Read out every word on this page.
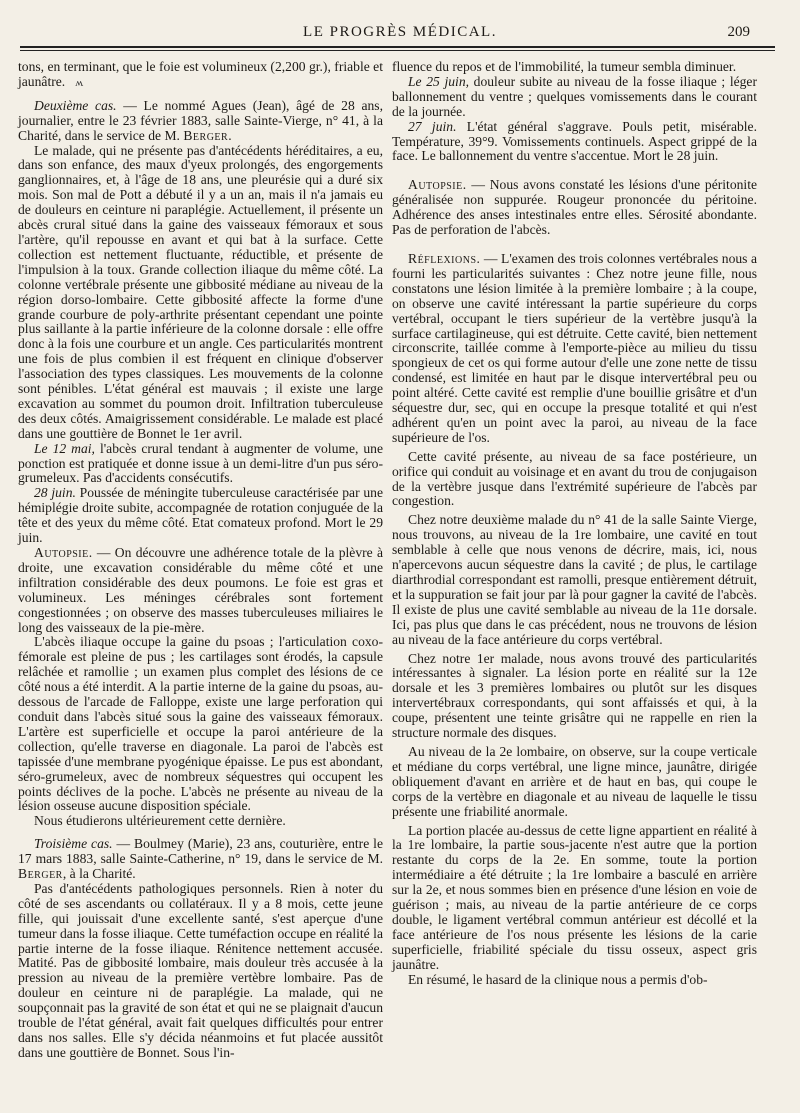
LE PROGRÈS MÉDICAL.	209

tons, en terminant, que le foie est volumineux (2,200 gr.), friable et jaunâtre. ʍ

Deuxième cas. — Le nommé Agues (Jean), âgé de 28 ans, journalier, entre le 23 février 1883, salle Sainte-Vierge, n° 41, à la Charité, dans le service de M. Berger.

Le malade, qui ne présente pas d'antécédents héréditaires, a eu, dans son enfance, des maux d'yeux prolongés, des engorgements ganglionnaires, et, à l'âge de 18 ans, une pleurésie qui a duré six mois. Son mal de Pott a débuté il y a un an, mais il n'a jamais eu de douleurs en ceinture ni paraplégie. Actuellement, il présente un abcès crural situé dans la gaine des vaisseaux fémoraux et sous l'artère, qu'il repousse en avant et qui bat à la surface. Cette collection est nettement fluctuante, réductible, et présente de l'impulsion à la toux. Grande collection iliaque du même côté. La colonne vertébrale présente une gibbosité médiane au niveau de la région dorso-lombaire. Cette gibbosité affecte la forme d'une grande courbure de poly-arthrite présentant cependant une pointe plus saillante à la partie inférieure de la colonne dorsale : elle offre donc à la fois une courbure et un angle. Ces particularités montrent une fois de plus combien il est fréquent en clinique d'observer l'association des types classiques. Les mouvements de la colonne sont pénibles. L'état général est mauvais ; il existe une large excavation au sommet du poumon droit. Infiltration tuberculeuse des deux côtés. Amaigrissement considérable. Le malade est placé dans une gouttière de Bonnet le 1er avril.

Le 12 mai, l'abcès crural tendant à augmenter de volume, une ponction est pratiquée et donne issue à un demi-litre d'un pus séro-grumeleux. Pas d'accidents consécutifs.

28 juin. Poussée de méningite tuberculeuse caractérisée par une hémiplégie droite subite, accompagnée de rotation conjuguée de la tête et des yeux du même côté. Etat comateux profond. Mort le 29 juin.

Autopsie. — On découvre une adhérence totale de la plèvre à droite, une excavation considérable du même côté et une infiltration considérable des deux poumons. Le foie est gras et volumineux. Les méninges cérébrales sont fortement congestionnées ; on observe des masses tuberculeuses miliaires le long des vaisseaux de la pie-mère.

L'abcès iliaque occupe la gaine du psoas ; l'articulation coxo-fémorale est pleine de pus ; les cartilages sont érodés, la capsule relâchée et ramollie ; un examen plus complet des lésions de ce côté nous a été interdit. A la partie interne de la gaine du psoas, au-dessous de l'arcade de Falloppe, existe une large perforation qui conduit dans l'abcès situé sous la gaine des vaisseaux fémoraux. L'artère est superficielle et occupe la paroi antérieure de la collection, qu'elle traverse en diagonale. La paroi de l'abcès est tapissée d'une membrane pyogénique épaisse. Le pus est abondant, séro-grumeleux, avec de nombreux séquestres qui occupent les points déclives de la poche. L'abcès ne présente au niveau de la lésion osseuse aucune disposition spéciale.

Nous étudierons ultérieurement cette dernière.

Troisième cas. — Boulmey (Marie), 23 ans, couturière, entre le 17 mars 1883, salle Sainte-Catherine, n° 19, dans le service de M. Berger, à la Charité.

Pas d'antécédents pathologiques personnels. Rien à noter du côté de ses ascendants ou collatéraux. Il y a 8 mois, cette jeune fille, qui jouissait d'une excellente santé, s'est aperçue d'une tumeur dans la fosse iliaque. Cette tuméfaction occupe en réalité la partie interne de la fosse iliaque. Rénitence nettement accusée. Matité. Pas de gibbosité lombaire, mais douleur très accusée à la pression au niveau de la première vertèbre lombaire. Pas de douleur en ceinture ni de paraplégie. La malade, qui ne soupçonnait pas la gravité de son état et qui ne se plaignait d'aucun trouble de l'état général, avait fait quelques difficultés pour entrer dans nos salles. Elle s'y décida néanmoins et fut placée aussitôt dans une gouttière de Bonnet. Sous l'in-

fluence du repos et de l'immobilité, la tumeur sembla diminuer.

Le 25 juin, douleur subite au niveau de la fosse iliaque ; léger ballonnement du ventre ; quelques vomissements dans le courant de la journée.

27 juin. L'état général s'aggrave. Pouls petit, misérable. Température, 39°9. Vomissements continuels. Aspect grippé de la face. Le ballonnement du ventre s'accentue. Mort le 28 juin.

Autopsie. — Nous avons constaté les lésions d'une péritonite généralisée non suppurée. Rougeur prononcée du péritoine. Adhérence des anses intestinales entre elles. Sérosité abondante. Pas de perforation de l'abcès.

Réflexions. — L'examen des trois colonnes vertébrales nous a fourni les particularités suivantes : Chez notre jeune fille, nous constatons une lésion limitée à la première lombaire ; à la coupe, on observe une cavité intéressant la partie supérieure du corps vertébral, occupant le tiers supérieur de la vertèbre jusqu'à la surface cartilagineuse, qui est détruite. Cette cavité, bien nettement circonscrite, taillée comme à l'emporte-pièce au milieu du tissu spongieux de cet os qui forme autour d'elle une zone nette de tissu condensé, est limitée en haut par le disque intervertébral peu ou point altéré. Cette cavité est remplie d'une bouillie grisâtre et d'un séquestre dur, sec, qui en occupe la presque totalité et qui n'est adhérent qu'en un point avec la paroi, au niveau de la face supérieure de l'os.

Cette cavité présente, au niveau de sa face postérieure, un orifice qui conduit au voisinage et en avant du trou de conjugaison de la vertèbre jusque dans l'extrémité supérieure de l'abcès par congestion.

Chez notre deuxième malade du n° 41 de la salle Sainte Vierge, nous trouvons, au niveau de la 1re lombaire, une cavité en tout semblable à celle que nous venons de décrire, mais, ici, nous n'apercevons aucun séquestre dans la cavité ; de plus, le cartilage diarthrodial correspondant est ramolli, presque entièrement détruit, et la suppuration se fait jour par là pour gagner la cavité de l'abcès. Il existe de plus une cavité semblable au niveau de la 11e dorsale. Ici, pas plus que dans le cas précédent, nous ne trouvons de lésion au niveau de la face antérieure du corps vertébral.

Chez notre 1er malade, nous avons trouvé des particularités intéressantes à signaler. La lésion porte en réalité sur la 12e dorsale et les 3 premières lombaires ou plutôt sur les disques intervertébraux correspondants, qui sont affaissés et qui, à la coupe, présentent une teinte grisâtre qui ne rappelle en rien la structure normale des disques.

Au niveau de la 2e lombaire, on observe, sur la coupe verticale et médiane du corps vertébral, une ligne mince, jaunâtre, dirigée obliquement d'avant en arrière et de haut en bas, qui coupe le corps de la vertèbre en diagonale et au niveau de laquelle le tissu présente une friabilité anormale.

La portion placée au-dessus de cette ligne appartient en réalité à la 1re lombaire, la partie sous-jacente n'est autre que la portion restante du corps de la 2e. En somme, toute la portion intermédiaire a été détruite ; la 1re lombaire a basculé en arrière sur la 2e, et nous sommes bien en présence d'une lésion en voie de guérison ; mais, au niveau de la partie antérieure de ce corps double, le ligament vertébral commun antérieur est décollé et la face antérieure de l'os nous présente les lésions de la carie superficielle, friabilité spéciale du tissu osseux, aspect gris jaunâtre.

En résumé, le hasard de la clinique nous a permis d'ob-
